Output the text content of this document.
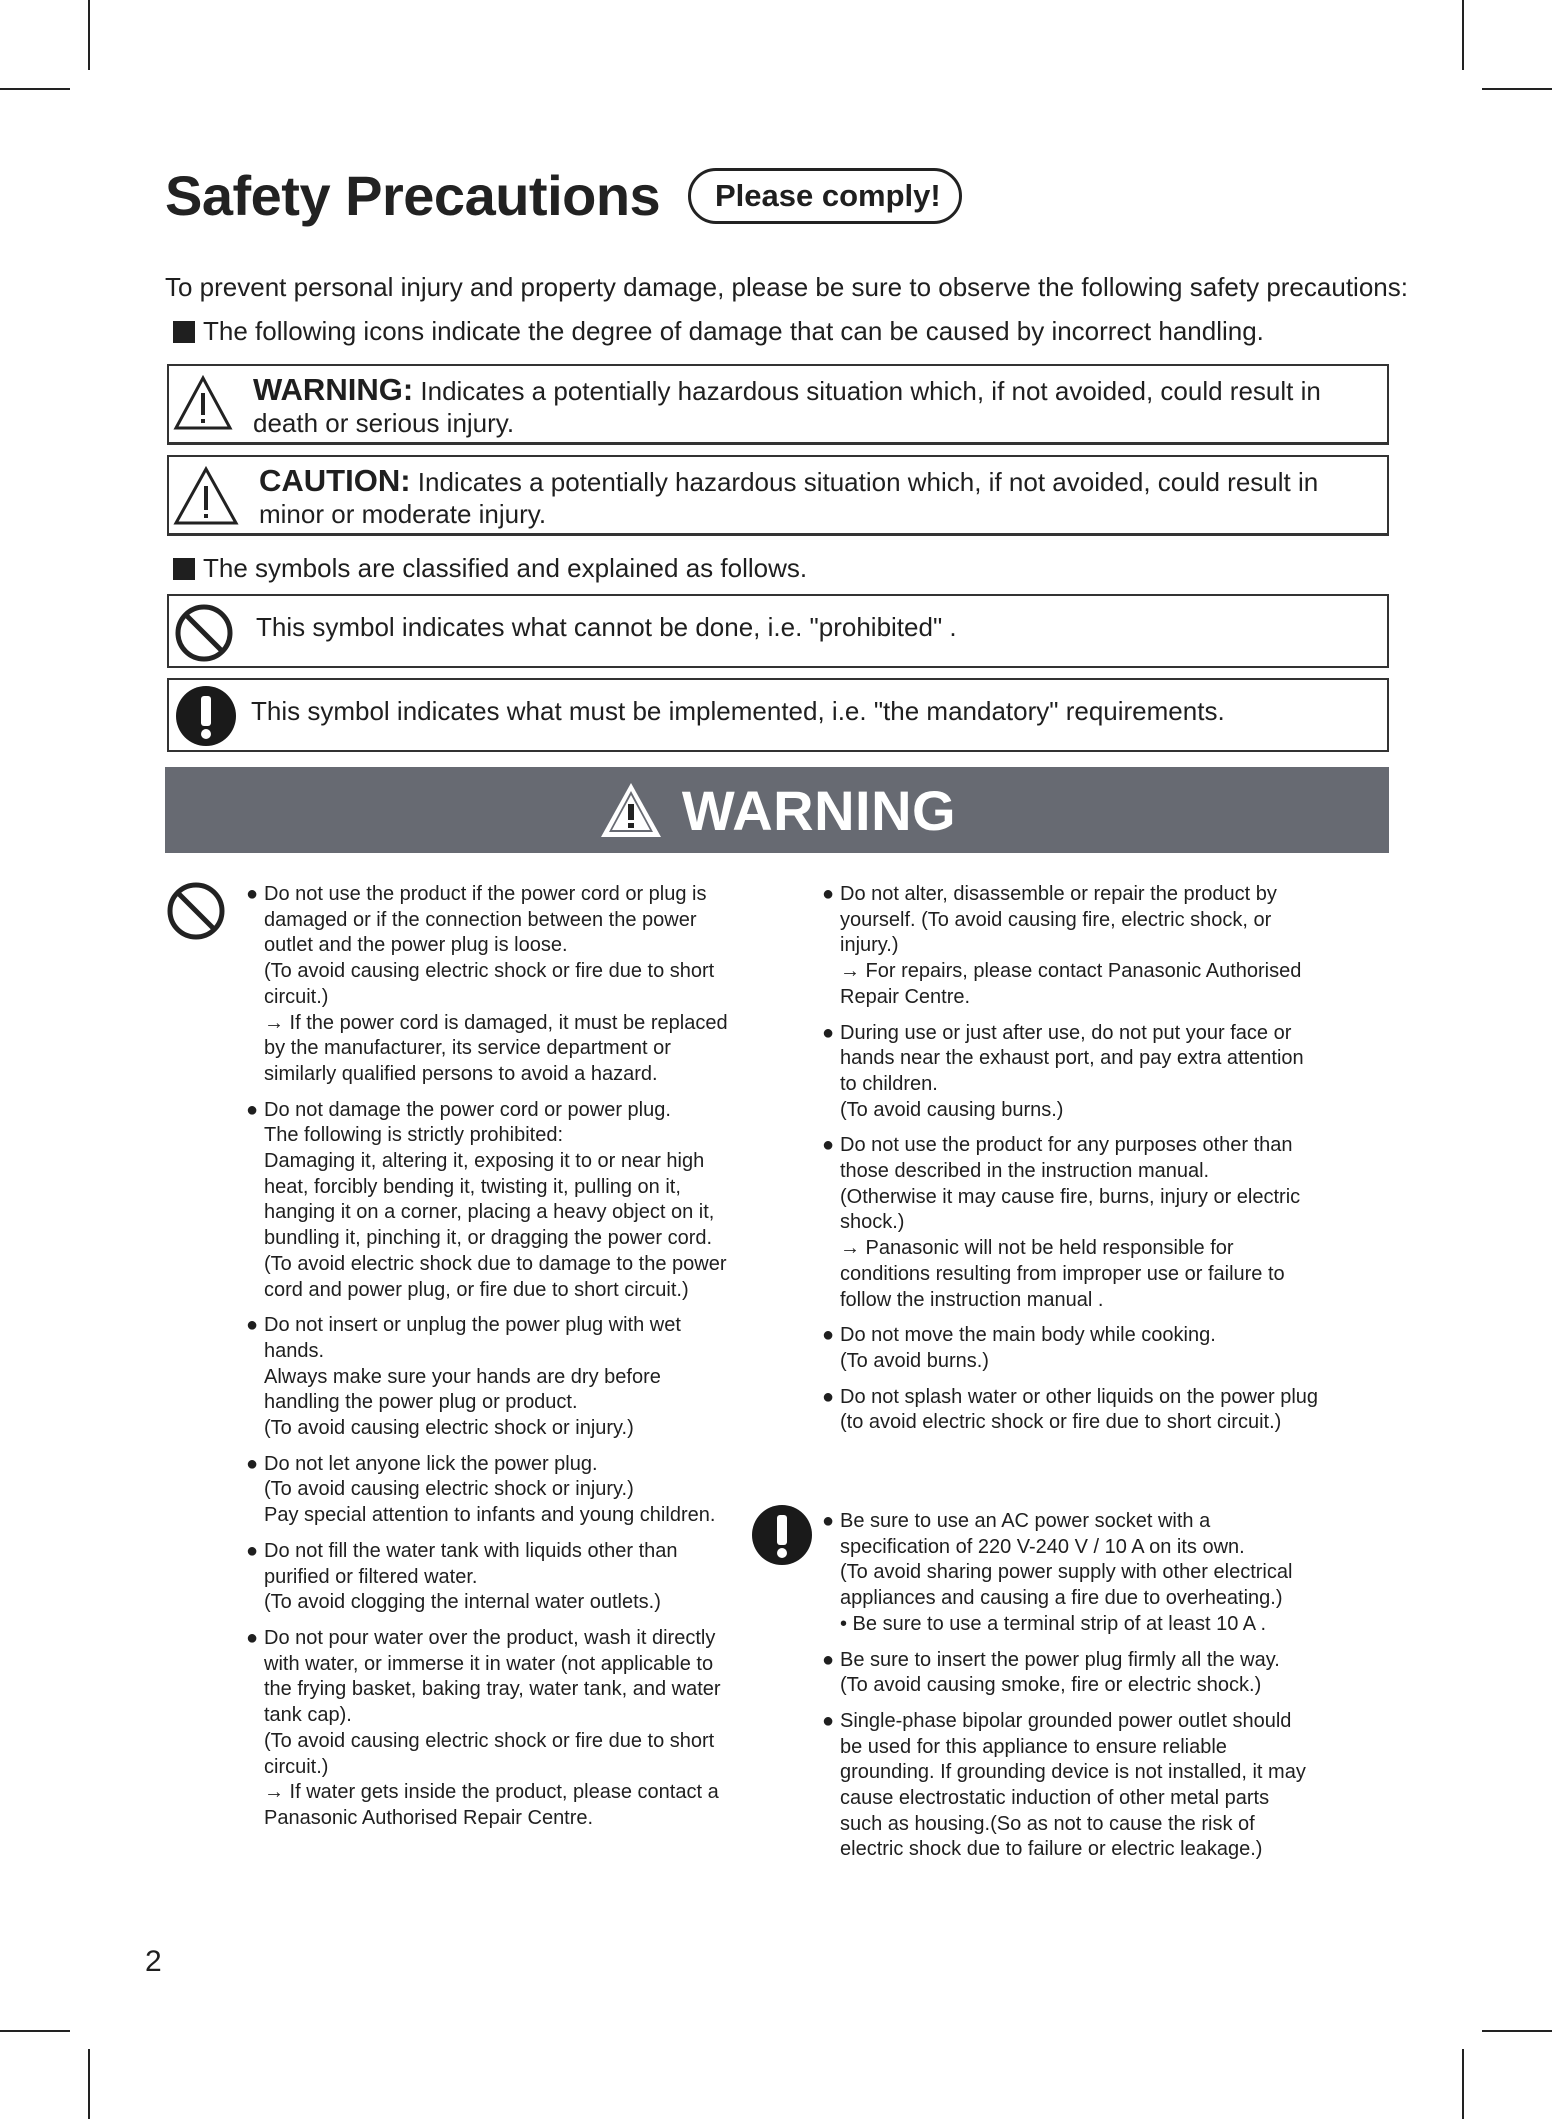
Safety Precautions	Please comply!
To prevent personal injury and property damage, please be sure to observe the following safety precautions:
The following icons indicate the degree of damage that can be caused by incorrect handling.
WARNING: Indicates a potentially hazardous situation which, if not avoided, could result in death or serious injury.
CAUTION: Indicates a potentially hazardous situation which, if not avoided, could result in minor or moderate injury.
The symbols are classified and explained as follows.
This symbol indicates what cannot be done, i.e. "prohibited" .
This symbol indicates what must be implemented, i.e. "the mandatory" requirements.
WARNING
● Do not use the product if the power cord or plug is
damaged or if the connection between the power
outlet and the power plug is loose.
(To avoid causing electric shock or fire due to short
circuit.)
→ If the power cord is damaged, it must be replaced
by the manufacturer, its service department or
similarly qualified persons to avoid a hazard.
● Do not damage the power cord or power plug.
The following is strictly prohibited:
Damaging it, altering it, exposing it to or near high
heat, forcibly bending it, twisting it, pulling on it,
hanging it on a corner, placing a heavy object on it,
bundling it, pinching it, or dragging the power cord.
(To avoid electric shock due to damage to the power
cord and power plug, or fire due to short circuit.)
● Do not insert or unplug the power plug with wet
hands.
Always make sure your hands are dry before
handling the power plug or product.
(To avoid causing electric shock or injury.)
● Do not let anyone lick the power plug.
(To avoid causing electric shock or injury.)
Pay special attention to infants and young children.
● Do not fill the water tank with liquids other than
purified or filtered water.
(To avoid clogging the internal water outlets.)
● Do not pour water over the product, wash it directly
with water, or immerse it in water (not applicable to
the frying basket, baking tray, water tank, and water
tank cap).
(To avoid causing electric shock or fire due to short
circuit.)
→ If water gets inside the product, please contact a
Panasonic Authorised Repair Centre.
● Do not alter, disassemble or repair the product by
yourself. (To avoid causing fire, electric shock, or
injury.)
→ For repairs, please contact Panasonic Authorised
Repair Centre.
● During use or just after use, do not put your face or
hands near the exhaust port, and pay extra attention
to children.
(To avoid causing burns.)
● Do not use the product for any purposes other than
those described in the instruction manual.
(Otherwise it may cause fire, burns, injury or electric
shock.)
→ Panasonic will not be held responsible for
conditions resulting from improper use or failure to
follow the instruction manual .
● Do not move the main body while cooking.
(To avoid burns.)
● Do not splash water or other liquids on the power plug
(to avoid electric shock or fire due to short circuit.)
● Be sure to use an AC power socket with a
specification of 220 V-240 V / 10 A on its own.
(To avoid sharing power supply with other electrical
appliances and causing a fire due to overheating.)
• Be sure to use a terminal strip of at least 10 A .
● Be sure to insert the power plug firmly all the way.
(To avoid causing smoke, fire or electric shock.)
● Single-phase bipolar grounded power outlet should
be used for this appliance to ensure reliable
grounding. If grounding device is not installed, it may
cause electrostatic induction of other metal parts
such as housing.(So as not to cause the risk of
electric shock due to failure or electric leakage.)
2
